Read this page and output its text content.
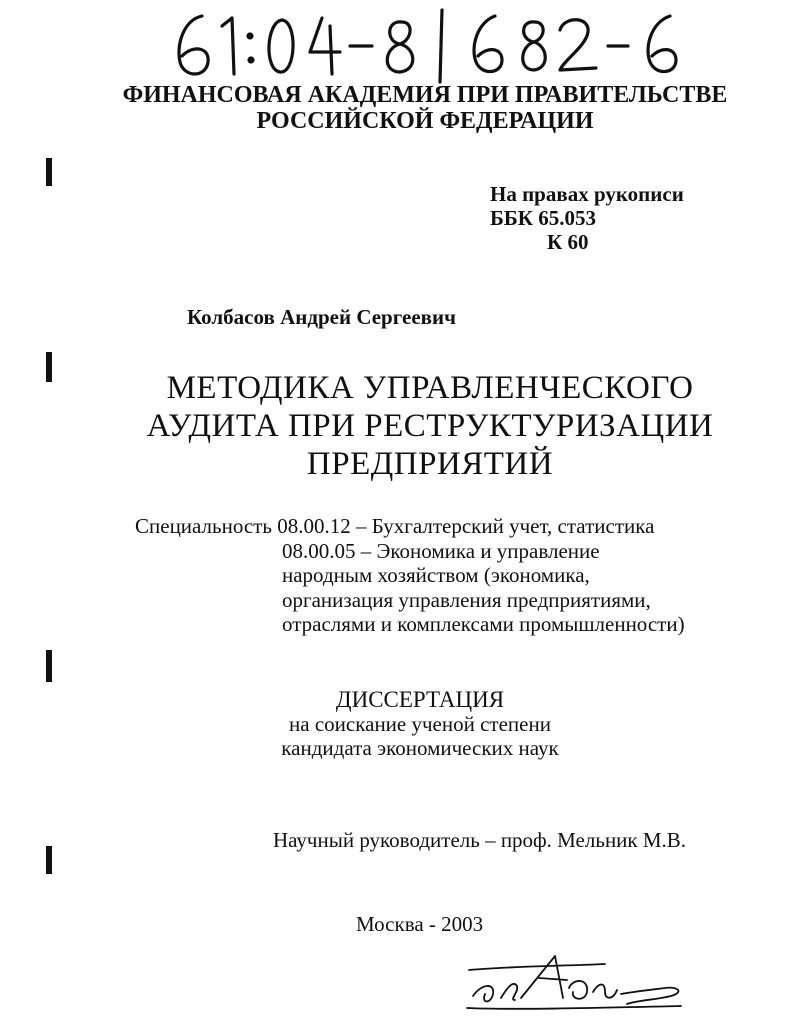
ФИНАНСОВАЯ АКАДЕМИЯ ПРИ ПРАВИТЕЛЬСТВЕ
РОССИЙСКОЙ ФЕДЕРАЦИИ
На правах рукописи
ББК 65.053
К 60
Колбасов Андрей Сергеевич
МЕТОДИКА УПРАВЛЕНЧЕСКОГО
АУДИТА ПРИ РЕСТРУКТУРИЗАЦИИ
ПРЕДПРИЯТИЙ
Специальность 08.00.12 – Бухгалтерский учет, статистика
08.00.05 – Экономика и управление
народным хозяйством (экономика,
организация управления предприятиями,
отраслями и комплексами промышленности)
ДИССЕРТАЦИЯ
на соискание ученой степени
кандидата экономических наук
Научный руководитель – проф. Мельник М.В.
Москва - 2003
